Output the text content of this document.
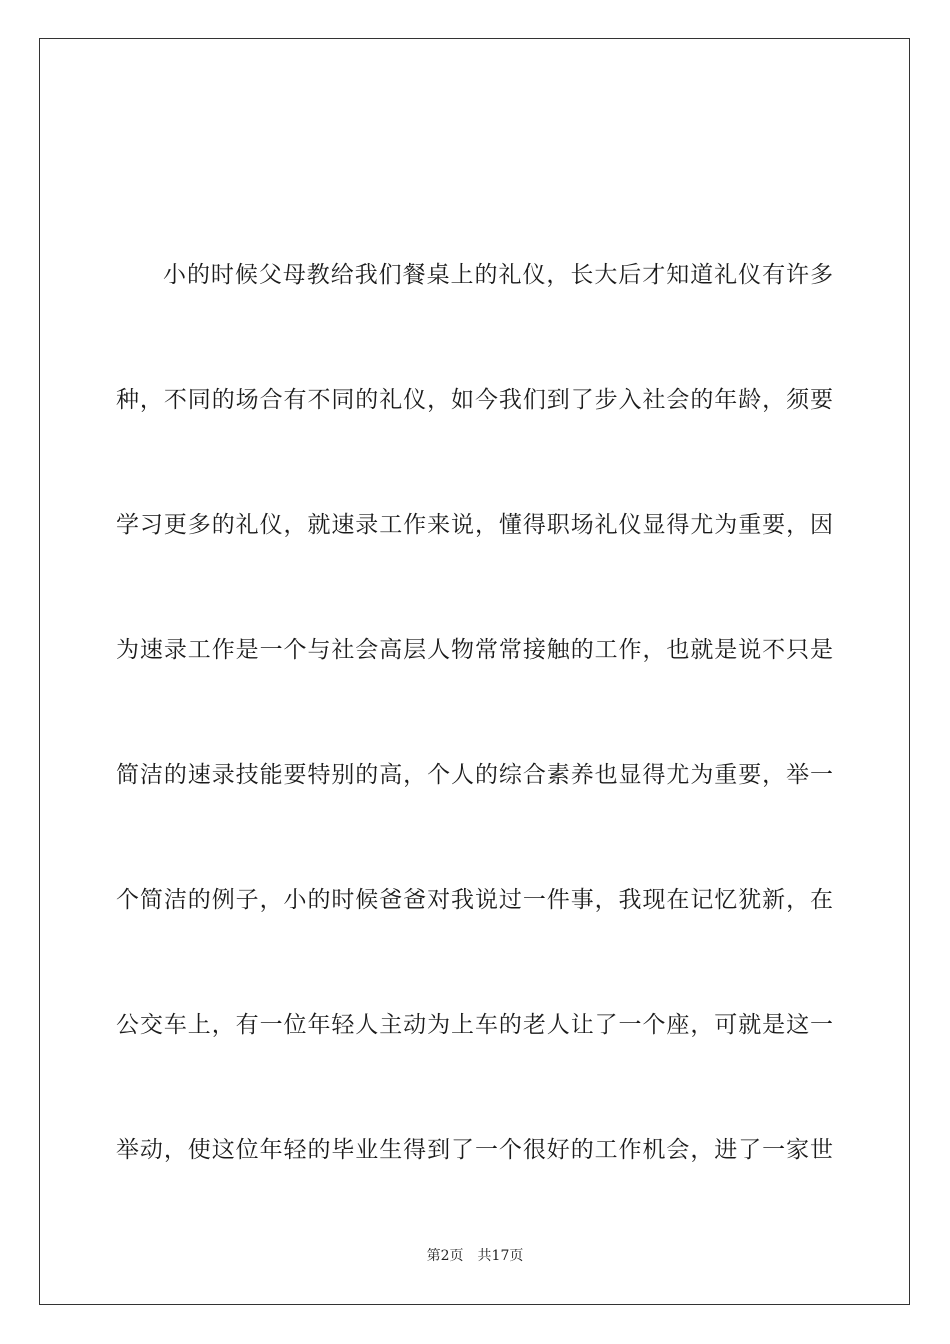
小的时候父母教给我们餐桌上的礼仪，长大后才知道礼仪有许多
种，不同的场合有不同的礼仪，如今我们到了步入社会的年龄，须要
学习更多的礼仪，就速录工作来说，懂得职场礼仪显得尤为重要，因
为速录工作是一个与社会高层人物常常接触的工作，也就是说不只是
简洁的速录技能要特别的高，个人的综合素养也显得尤为重要，举一
个简洁的例子，小的时候爸爸对我说过一件事，我现在记忆犹新，在
公交车上，有一位年轻人主动为上车的老人让了一个座，可就是这一
举动，使这位年轻的毕业生得到了一个很好的工作机会，进了一家世
第2页 共17页
